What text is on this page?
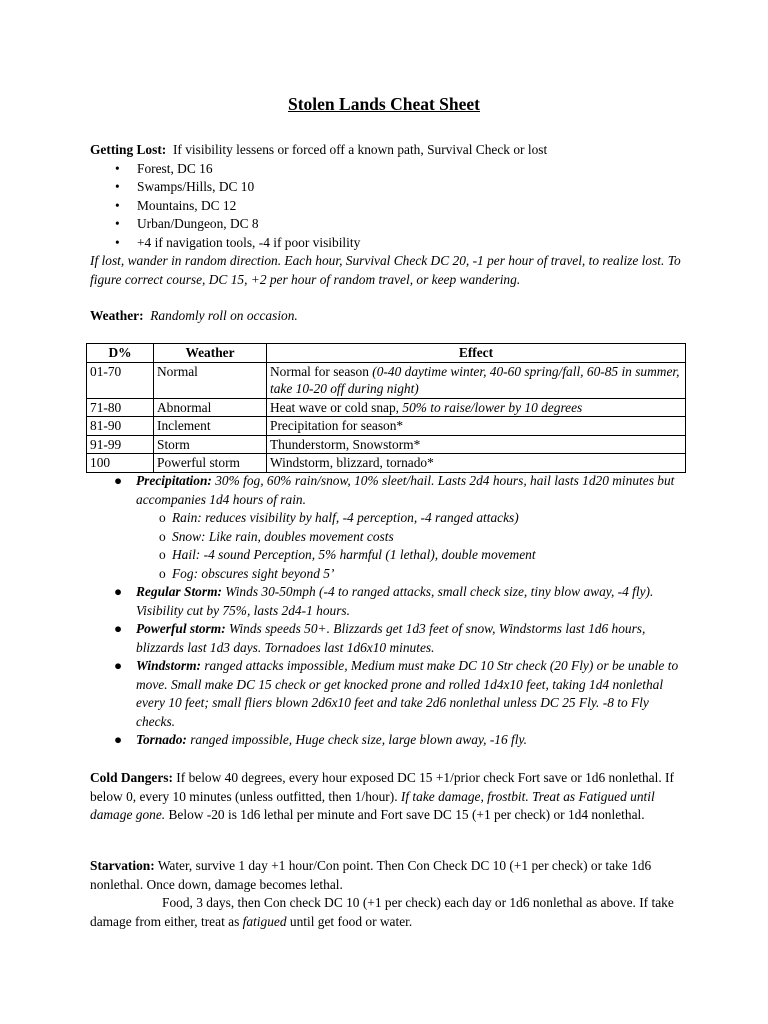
Stolen Lands Cheat Sheet

Getting Lost: If visibility lessens or forced off a known path, Survival Check or lost

• Forest, DC 16
• Swamps/Hills, DC 10
• Mountains, DC 12
• Urban/Dungeon, DC 8
• +4 if navigation tools, -4 if poor visibility

If lost, wander in random direction. Each hour, Survival Check DC 20, -1 per hour of travel, to realize lost. To figure correct course, DC 15, +2 per hour of random travel, or keep wandering.

Weather: Randomly roll on occasion.

D%	Weather	Effect
01-70	Normal	Normal for season (0-40 daytime winter, 40-60 spring/fall, 60-85 in summer, take 10-20 off during night)
71-80	Abnormal	Heat wave or cold snap, 50% to raise/lower by 10 degrees
81-90	Inclement	Precipitation for season*
91-99	Storm	Thunderstorm, Snowstorm*
100	Powerful storm	Windstorm, blizzard, tornado*
● Precipitation: 30% fog, 60% rain/snow, 10% sleet/hail. Lasts 2d4 hours, hail lasts 1d20 minutes but accompanies 1d4 hours of rain.
o Rain: reduces visibility by half, -4 perception, -4 ranged attacks)
o Snow: Like rain, doubles movement costs
o Hail: -4 sound Perception, 5% harmful (1 lethal), double movement
o Fog: obscures sight beyond 5’
● Regular Storm: Winds 30-50mph (-4 to ranged attacks, small check size, tiny blow away, -4 fly). Visibility cut by 75%, lasts 2d4-1 hours.
● Powerful storm: Winds speeds 50+. Blizzards get 1d3 feet of snow, Windstorms last 1d6 hours, blizzards last 1d3 days. Tornadoes last 1d6x10 minutes.
● Windstorm: ranged attacks impossible, Medium must make DC 10 Str check (20 Fly) or be unable to move. Small make DC 15 check or get knocked prone and rolled 1d4x10 feet, taking 1d4 nonlethal every 10 feet; small fliers blown 2d6x10 feet and take 2d6 nonlethal unless DC 25 Fly. -8 to Fly checks.
● Tornado: ranged impossible, Huge check size, large blown away, -16 fly.

Cold Dangers: If below 40 degrees, every hour exposed DC 15 +1/prior check Fort save or 1d6 nonlethal. If below 0, every 10 minutes (unless outfitted, then 1/hour). If take damage, frostbit. Treat as Fatigued until damage gone. Below -20 is 1d6 lethal per minute and Fort save DC 15 (+1 per check) or 1d4 nonlethal.

Starvation: Water, survive 1 day +1 hour/Con point. Then Con Check DC 10 (+1 per check) or take 1d6 nonlethal. Once down, damage becomes lethal.

Food, 3 days, then Con check DC 10 (+1 per check) each day or 1d6 nonlethal as above. If take damage from either, treat as fatigued until get food or water.
